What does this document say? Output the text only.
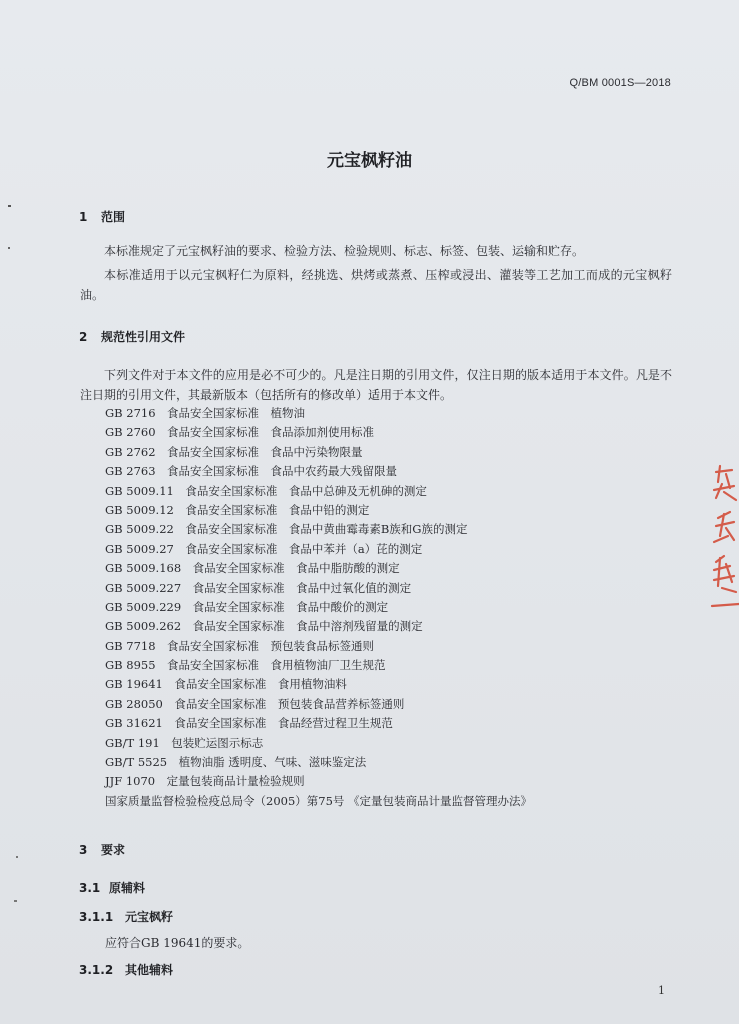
Q/BM 0001S—2018
元宝枫籽油
1 范围

本标准规定了元宝枫籽油的要求、检验方法、检验规则、标志、标签、包装、运输和贮存。

本标准适用于以元宝枫籽仁为原料，经挑选、烘烤或蒸煮、压榨或浸出、灌装等工艺加工而成的元宝枫籽油。

2 规范性引用文件

下列文件对于本文件的应用是必不可少的。凡是注日期的引用文件，仅注日期的版本适用于本文件。凡是不注日期的引用文件，其最新版本（包括所有的修改单）适用于本文件。

GB 2716　食品安全国家标准　植物油
GB 2760　食品安全国家标准　食品添加剂使用标准
GB 2762　食品安全国家标准　食品中污染物限量
GB 2763　食品安全国家标准　食品中农药最大残留限量
GB 5009.11　食品安全国家标准　食品中总砷及无机砷的测定
GB 5009.12　食品安全国家标准　食品中铅的测定
GB 5009.22　食品安全国家标准　食品中黄曲霉毒素B族和G族的测定
GB 5009.27　食品安全国家标准　食品中苯并（a）芘的测定
GB 5009.168　食品安全国家标准　食品中脂肪酸的测定
GB 5009.227　食品安全国家标准　食品中过氧化值的测定
GB 5009.229　食品安全国家标准　食品中酸价的测定
GB 5009.262　食品安全国家标准　食品中溶剂残留量的测定
GB 7718　食品安全国家标准　预包装食品标签通则
GB 8955　食品安全国家标准　食用植物油厂卫生规范
GB 19641　食品安全国家标准　食用植物油料
GB 28050　食品安全国家标准　预包装食品营养标签通则
GB 31621　食品安全国家标准　食品经营过程卫生规范
GB/T 191　包装贮运图示标志
GB/T 5525　植物油脂 透明度、气味、滋味鉴定法
JJF 1070　定量包装商品计量检验规则
国家质量监督检验检疫总局令（2005）第75号 《定量包装商品计量监督管理办法》
3 要求
3.1 原辅料
3.1.1 元宝枫籽
应符合GB 19641的要求。
3.1.2 其他辅料
1
